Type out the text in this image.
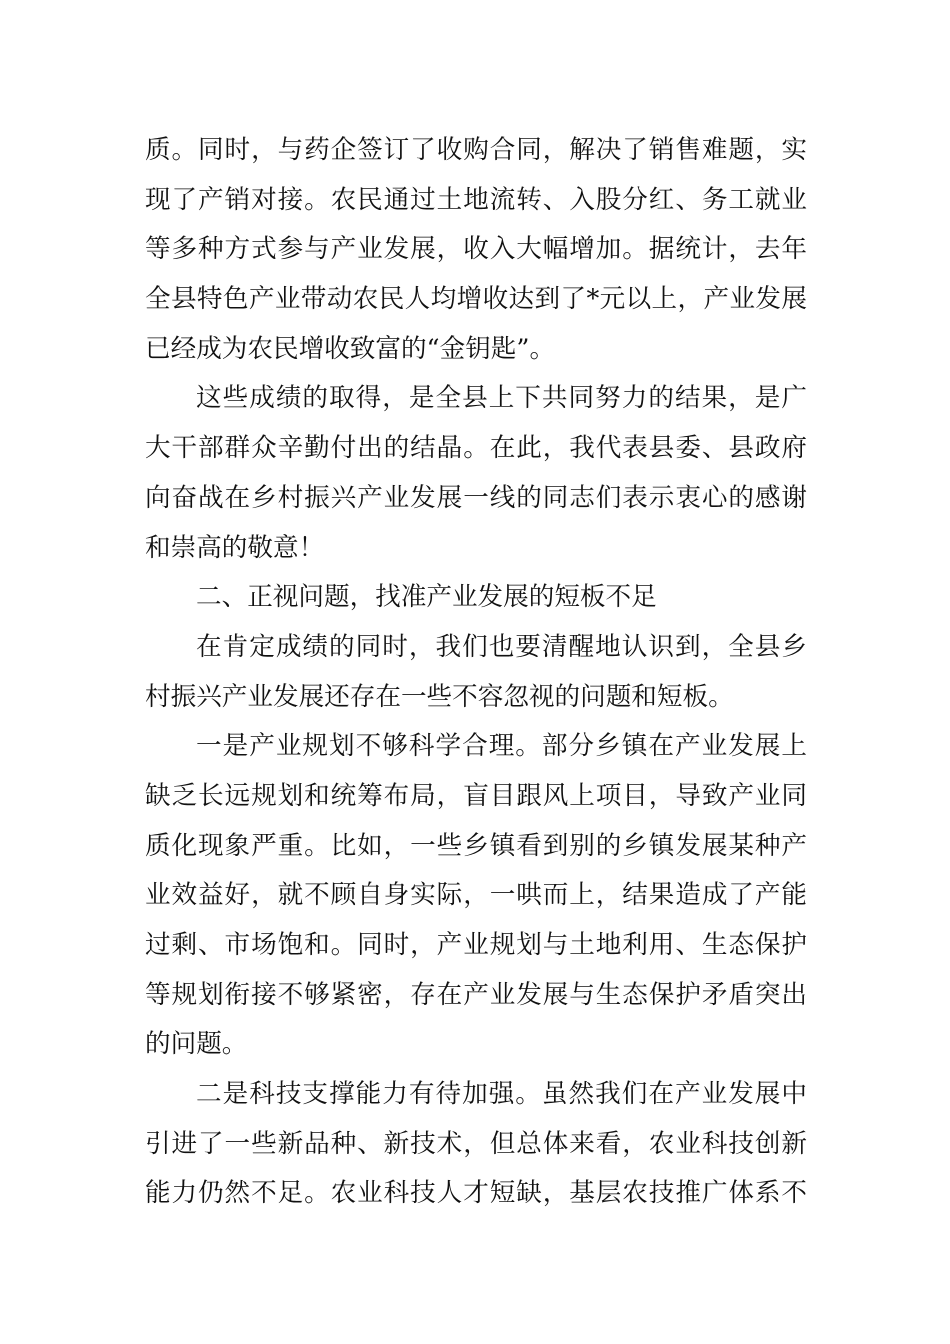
质。同时，与药企签订了收购合同，解决了销售难题，实
现了产销对接。农民通过土地流转、入股分红、务工就业
等多种方式参与产业发展，收入大幅增加。据统计，去年
全县特色产业带动农民人均增收达到了*元以上，产业发展
已经成为农民增收致富的“金钥匙”。
这些成绩的取得，是全县上下共同努力的结果，是广
大干部群众辛勤付出的结晶。在此，我代表县委、县政府
向奋战在乡村振兴产业发展一线的同志们表示衷心的感谢
和崇高的敬意！
二、正视问题，找准产业发展的短板不足
在肯定成绩的同时，我们也要清醒地认识到，全县乡
村振兴产业发展还存在一些不容忽视的问题和短板。
一是产业规划不够科学合理。部分乡镇在产业发展上
缺乏长远规划和统筹布局，盲目跟风上项目，导致产业同
质化现象严重。比如，一些乡镇看到别的乡镇发展某种产
业效益好，就不顾自身实际，一哄而上，结果造成了产能
过剩、市场饱和。同时，产业规划与土地利用、生态保护
等规划衔接不够紧密，存在产业发展与生态保护矛盾突出
的问题。
二是科技支撑能力有待加强。虽然我们在产业发展中
引进了一些新品种、新技术，但总体来看，农业科技创新
能力仍然不足。农业科技人才短缺，基层农技推广体系不
